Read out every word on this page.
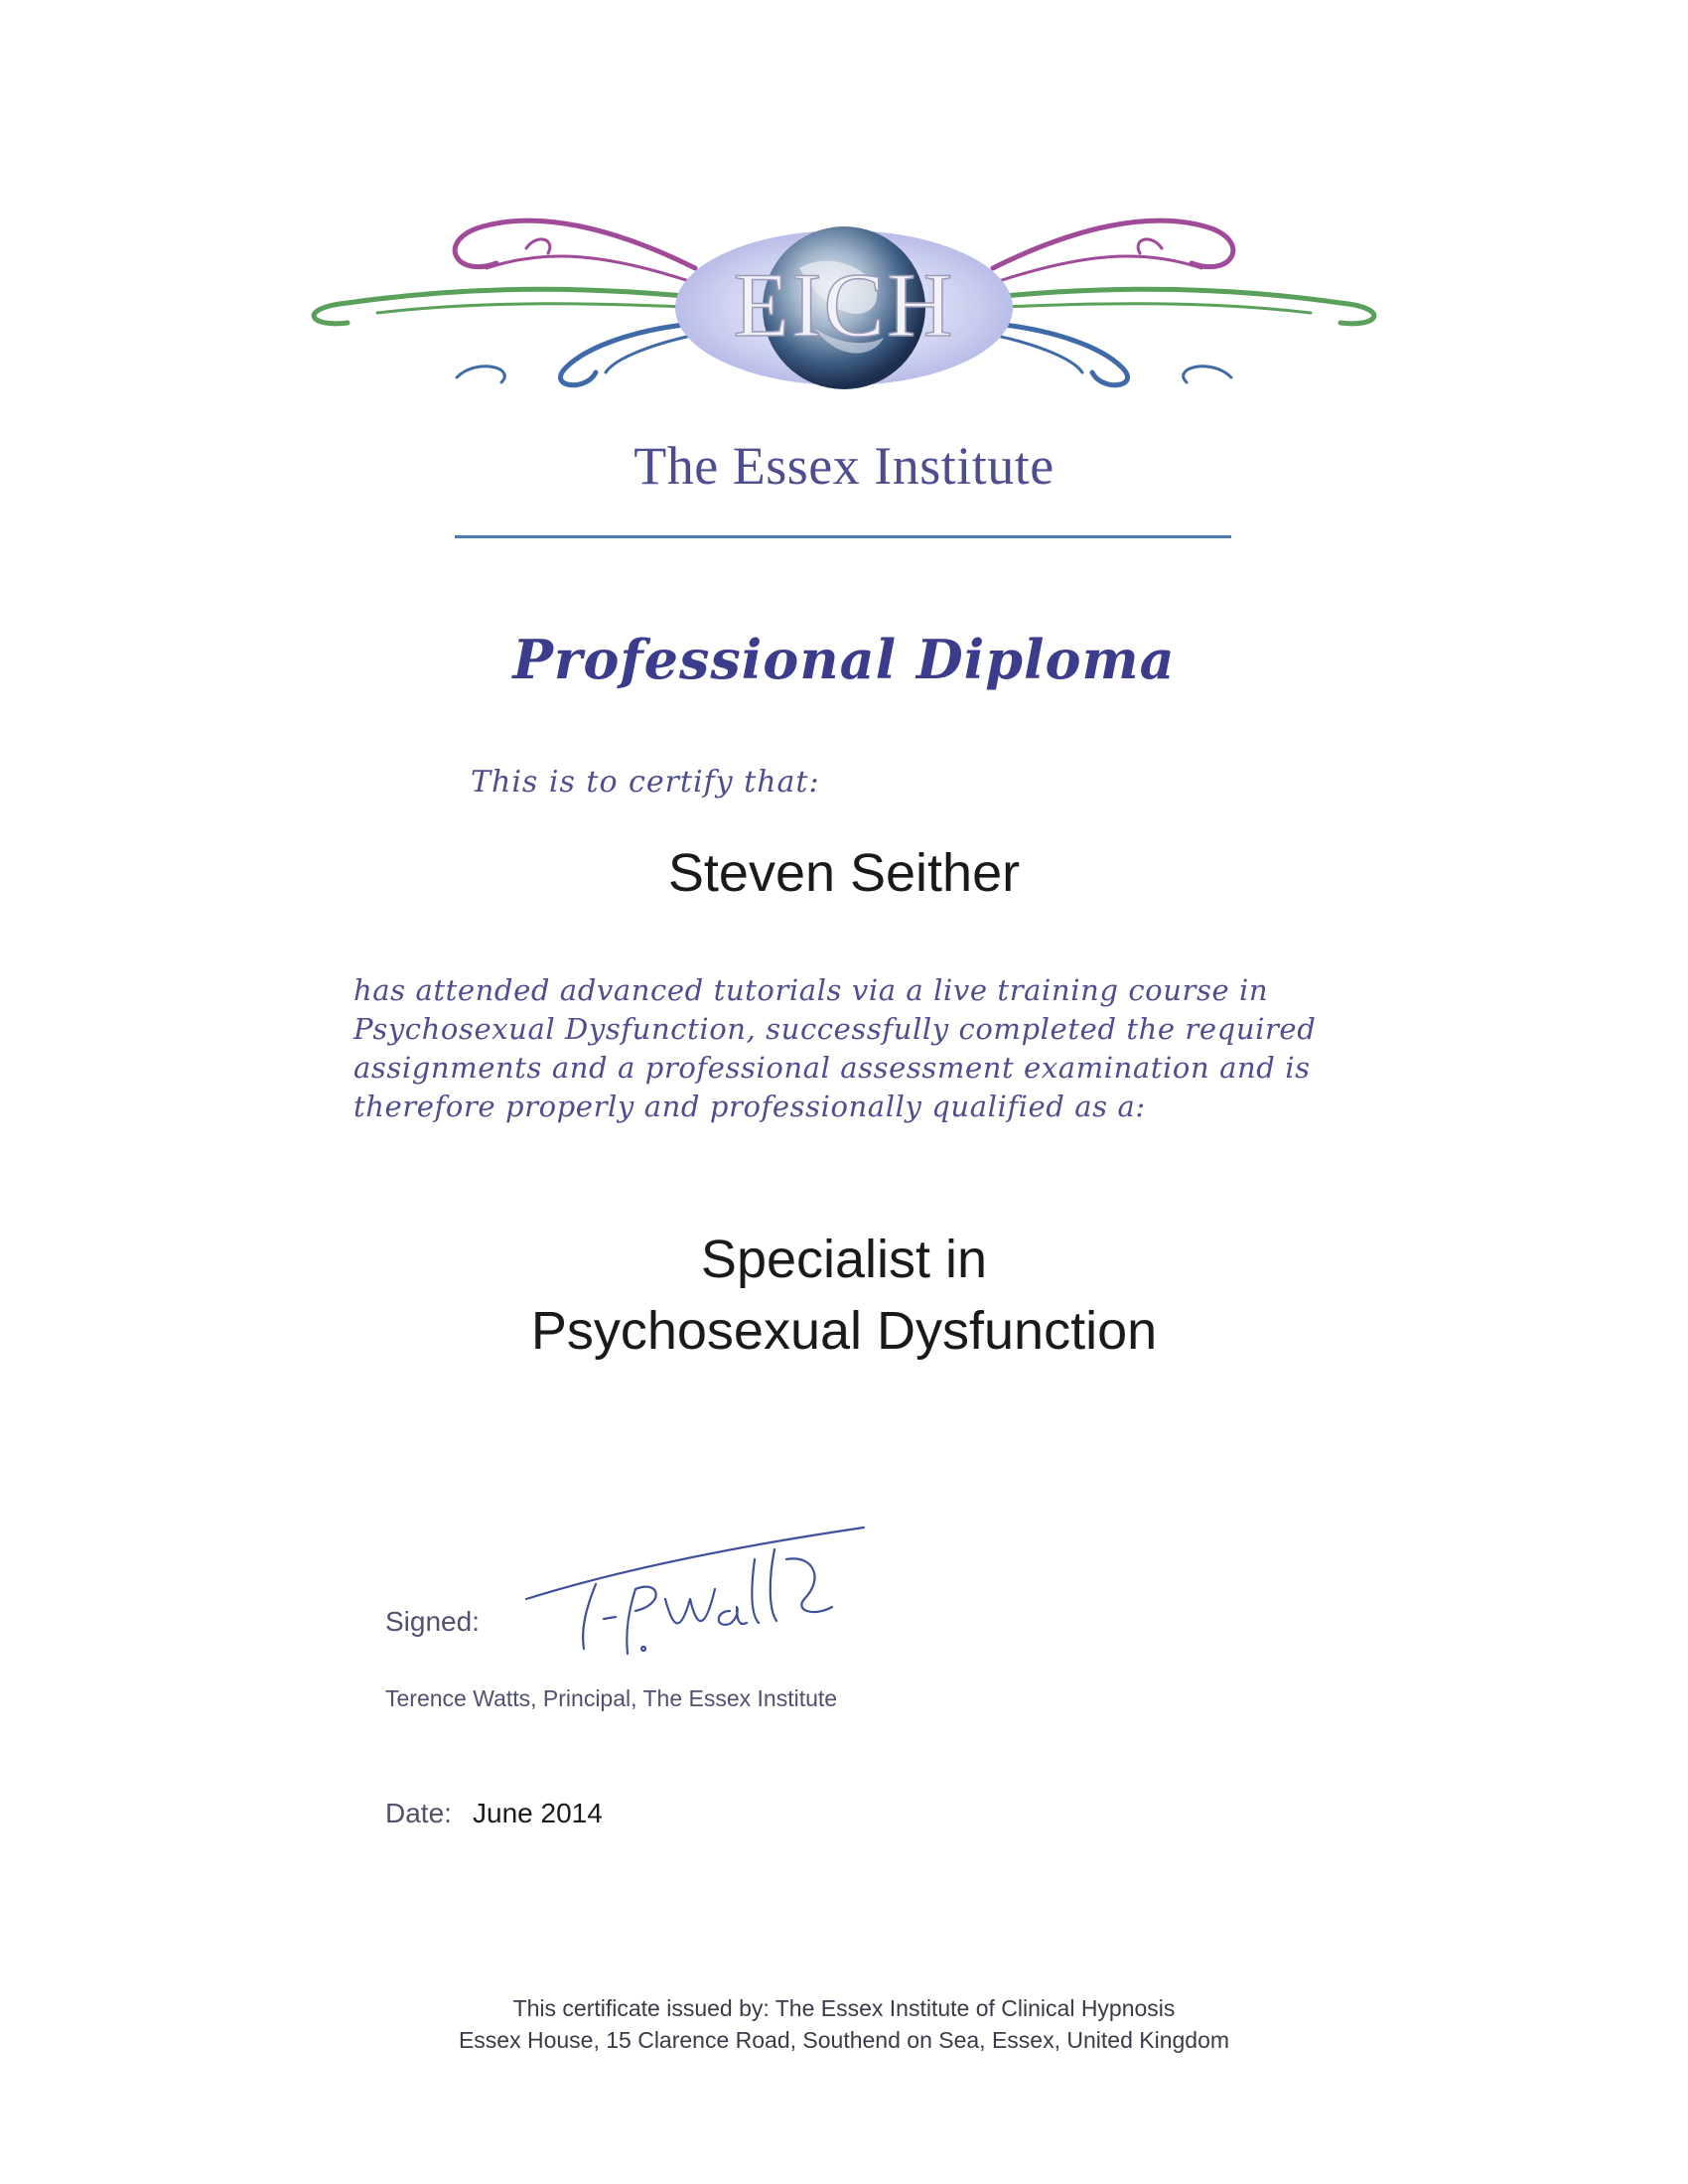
EICH
The Essex Institute
Professional Diploma
This is to certify that:
Steven Seither
has attended advanced tutorials via a live training course in
Psychosexual Dysfunction, successfully completed the required
assignments and a professional assessment examination and is
therefore properly and professionally qualified as a:
Specialist in
Psychosexual Dysfunction
Signed:
Terence Watts, Principal, The Essex Institute
Date: June 2014
This certificate issued by: The Essex Institute of Clinical Hypnosis
Essex House, 15 Clarence Road, Southend on Sea, Essex, United Kingdom
